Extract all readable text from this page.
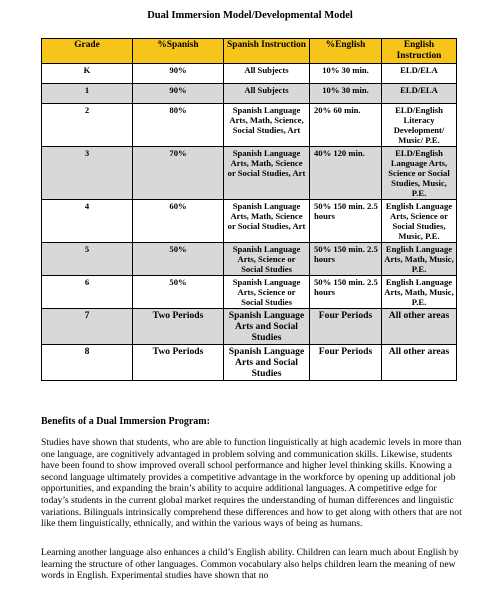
Dual Immersion Model/Developmental Model
Grade	%Spanish	Spanish Instruction	%English	English Instruction
K	90%	All Subjects	10% 30 min.	ELD/ELA
1	90%	All Subjects	10% 30 min.	ELD/ELA
2	80%	Spanish Language Arts, Math, Science, Social Studies, Art	20% 60 min.	ELD/English Literacy Development/ Music/ P.E.
3	70%	Spanish Language Arts, Math, Science or Social Studies, Art	40% 120 min.	ELD/English Language Arts, Science or Social Studies, Music, P.E.
4	60%	Spanish Language Arts, Math, Science or Social Studies, Art	50% 150 min. 2.5 hours	English Language Arts, Science or Social Studies, Music, P.E.
5	50%	Spanish Language Arts, Science or Social Studies	50% 150 min. 2.5 hours	English Language Arts, Math, Music, P.E.
6	50%	Spanish Language Arts, Science or Social Studies	50% 150 min. 2.5 hours	English Language Arts, Math, Music, P.E.
7	Two Periods	Spanish Language Arts and Social Studies	Four Periods	All other areas
8	Two Periods	Spanish Language Arts and Social Studies	Four Periods	All other areas
Benefits of a Dual Immersion Program:

Studies have shown that students, who are able to function linguistically at high academic levels in more than one language, are cognitively advantaged in problem solving and communication skills. Likewise, students have been found to show improved overall school performance and higher level thinking skills. Knowing a second language ultimately provides a competitive advantage in the workforce by opening up additional job opportunities, and expanding the brain’s ability to acquire additional languages. A competitive edge for today’s students in the current global market requires the understanding of human differences and linguistic variations. Bilinguals intrinsically comprehend these differences and how to get along with others that are not like them linguistically, ethnically, and within the various ways of being as humans.

Learning another language also enhances a child’s English ability. Children can learn much about English by learning the structure of other languages. Common vocabulary also helps children learn the meaning of new words in English. Experimental studies have shown that no
